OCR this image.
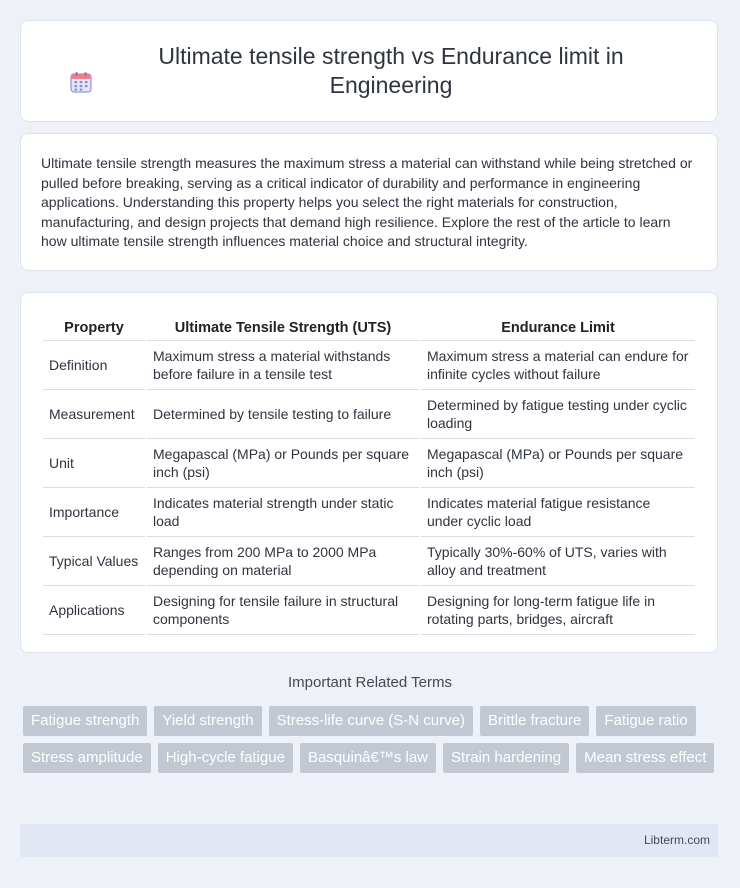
Ultimate tensile strength vs Endurance limit in Engineering

Ultimate tensile strength measures the maximum stress a material can withstand while being stretched or pulled before breaking, serving as a critical indicator of durability and performance in engineering applications. Understanding this property helps you select the right materials for construction, manufacturing, and design projects that demand high resilience. Explore the rest of the article to learn how ultimate tensile strength influences material choice and structural integrity.

Property	Ultimate Tensile Strength (UTS)	Endurance Limit
Definition	Maximum stress a material withstands before failure in a tensile test	Maximum stress a material can endure for infinite cycles without failure
Measurement	Determined by tensile testing to failure	Determined by fatigue testing under cyclic loading
Unit	Megapascal (MPa) or Pounds per square inch (psi)	Megapascal (MPa) or Pounds per square inch (psi)
Importance	Indicates material strength under static load	Indicates material fatigue resistance under cyclic load
Typical Values	Ranges from 200 MPa to 2000 MPa depending on material	Typically 30%-60% of UTS, varies with alloy and treatment
Applications	Designing for tensile failure in structural components	Designing for long-term fatigue life in rotating parts, bridges, aircraft
Important Related Terms
Fatigue strength	Yield strength	Stress-life curve (S-N curve)	Brittle fracture	Fatigue ratio
Stress amplitude	High-cycle fatigue	Basquinâ€™s law	Strain hardening	Mean stress effect
Libterm.com
